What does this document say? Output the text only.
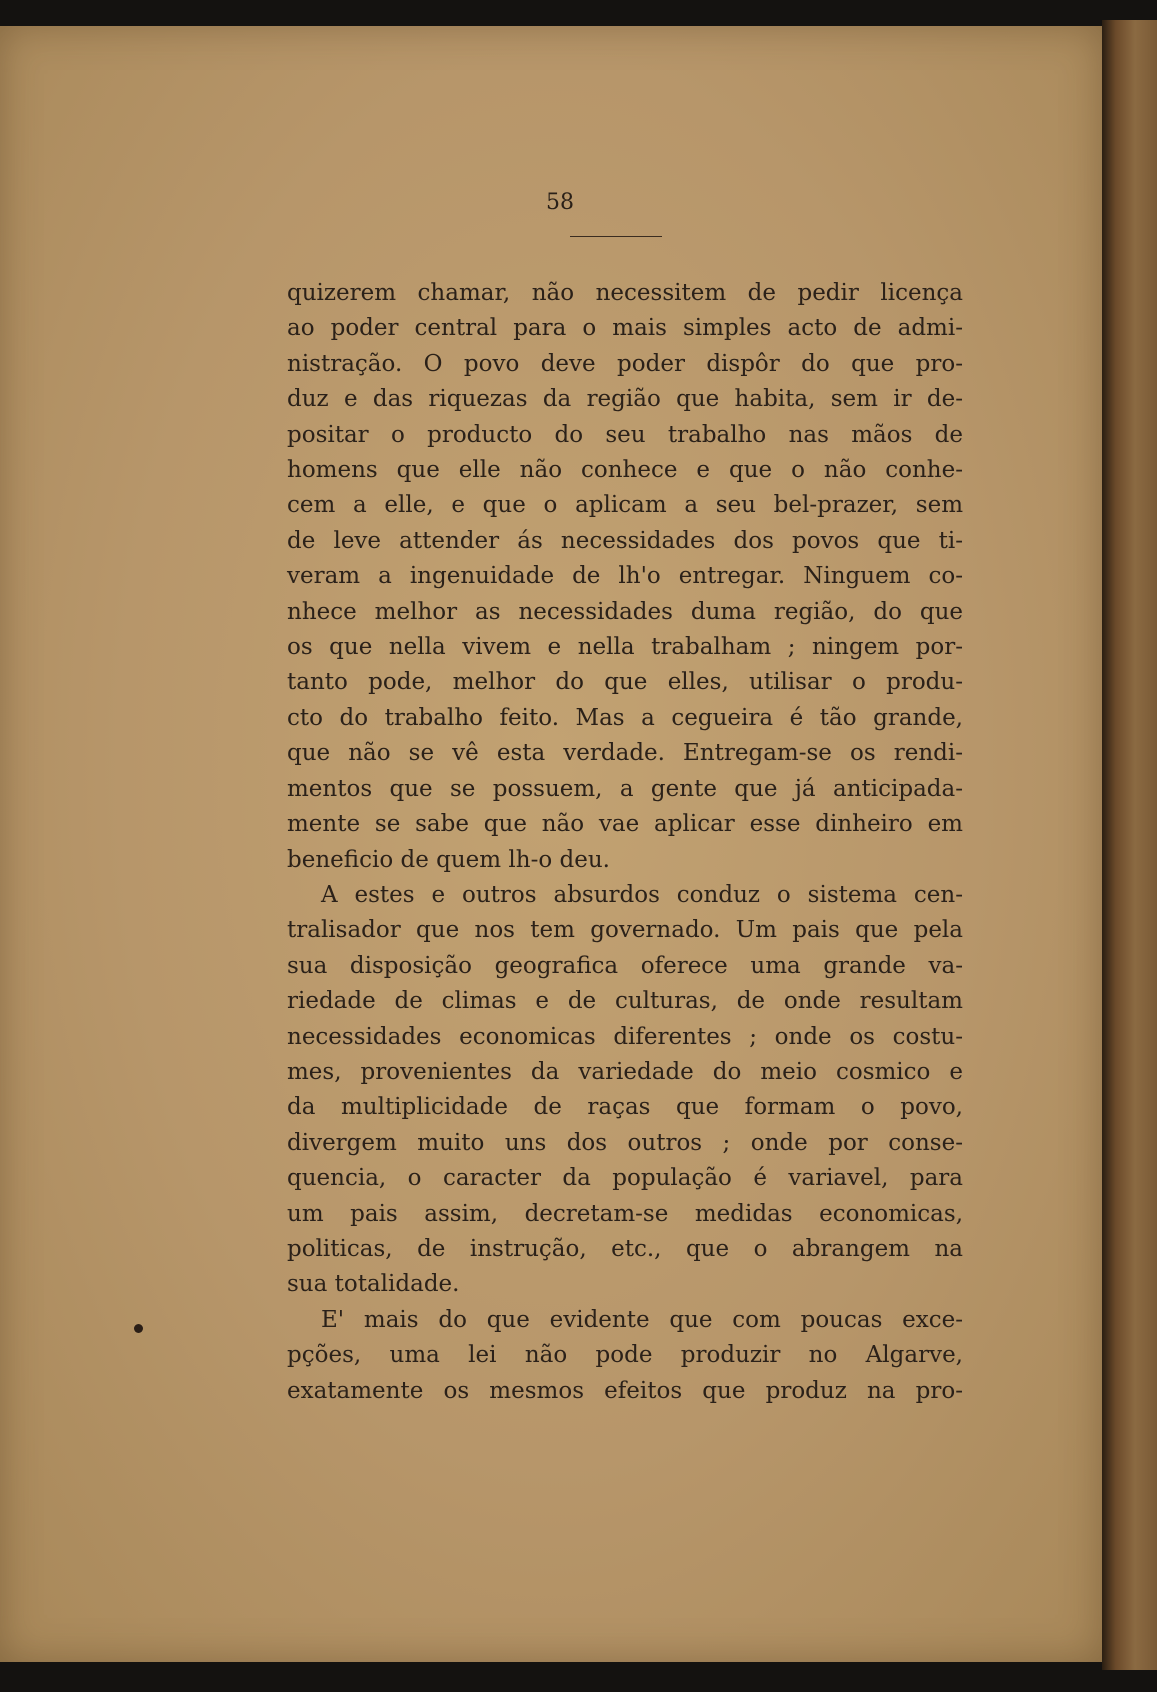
58
quizerem chamar, não necessitem de pedir licença
ao poder central para o mais simples acto de admi-
nistração. O povo deve poder dispôr do que pro-
duz e das riquezas da região que habita, sem ir de-
positar o producto do seu trabalho nas mãos de
homens que elle não conhece e que o não conhe-
cem a elle, e que o aplicam a seu bel-prazer, sem
de leve attender ás necessidades dos povos que ti-
veram a ingenuidade de lh'o entregar. Ninguem co-
nhece melhor as necessidades duma região, do que
os que nella vivem e nella trabalham ; ningem por-
tanto pode, melhor do que elles, utilisar o produ-
cto do trabalho feito. Mas a cegueira é tão grande,
que não se vê esta verdade. Entregam-se os rendi-
mentos que se possuem, a gente que já anticipada-
mente se sabe que não vae aplicar esse dinheiro em
beneficio de quem lh-o deu.
A estes e outros absurdos conduz o sistema cen-
tralisador que nos tem governado. Um pais que pela
sua disposição geografica oferece uma grande va-
riedade de climas e de culturas, de onde resultam
necessidades economicas diferentes ; onde os costu-
mes, provenientes da variedade do meio cosmico e
da multiplicidade de raças que formam o povo,
divergem muito uns dos outros ; onde por conse-
quencia, o caracter da população é variavel, para
um pais assim, decretam-se medidas economicas,
politicas, de instrução, etc., que o abrangem na
sua totalidade.
E' mais do que evidente que com poucas exce-
pções, uma lei não pode produzir no Algarve,
exatamente os mesmos efeitos que produz na pro-
